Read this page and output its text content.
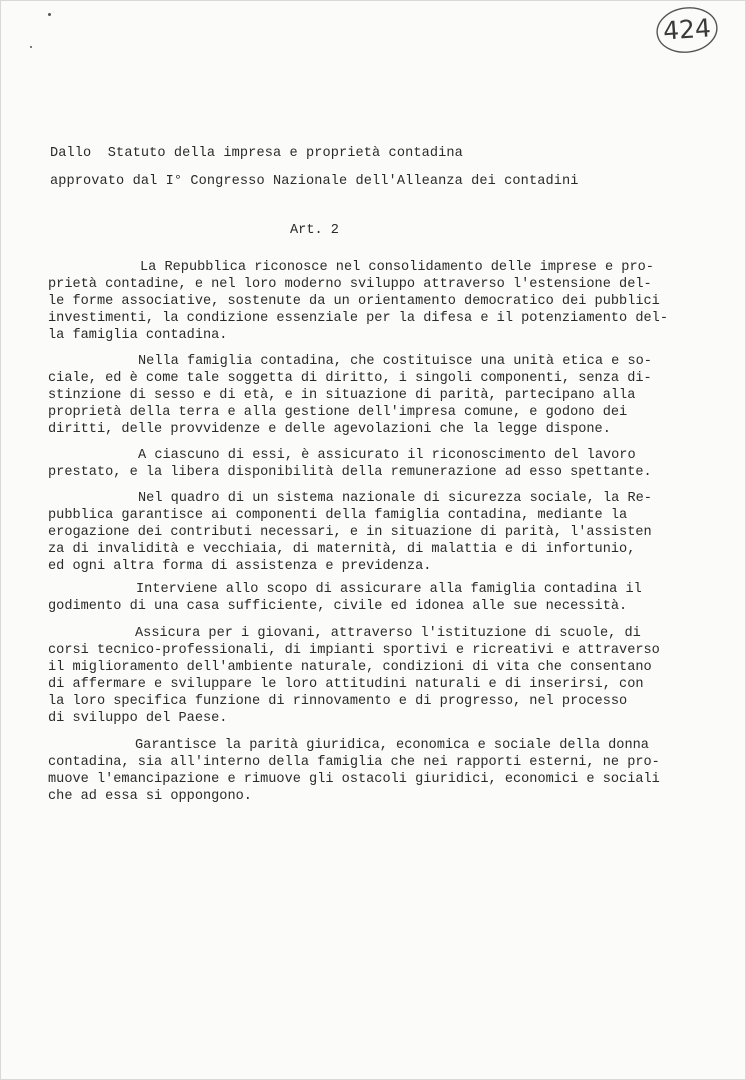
424
Dallo  Statuto della impresa e proprietà contadina
approvato dal I° Congresso Nazionale dell'Alleanza dei contadini
Art. 2
La Repubblica riconosce nel consolidamento delle imprese e pro-
prietà contadine, e nel loro moderno sviluppo attraverso l'estensione del-
le forme associative, sostenute da un orientamento democratico dei pubblici
investimenti, la condizione essenziale per la difesa e il potenziamento del-
la famiglia contadina.
Nella famiglia contadina, che costituisce una unità etica e so-
ciale, ed è come tale soggetta di diritto, i singoli componenti, senza di-
stinzione di sesso e di età, e in situazione di parità, partecipano alla
proprietà della terra e alla gestione dell'impresa comune, e godono dei
diritti, delle provvidenze e delle agevolazioni che la legge dispone.
A ciascuno di essi, è assicurato il riconoscimento del lavoro
prestato, e la libera disponibilità della remunerazione ad esso spettante.
Nel quadro di un sistema nazionale di sicurezza sociale, la Re-
pubblica garantisce ai componenti della famiglia contadina, mediante la
erogazione dei contributi necessari, e in situazione di parità, l'assisten
za di invalidità e vecchiaia, di maternità, di malattia e di infortunio,
ed ogni altra forma di assistenza e previdenza.
Interviene allo scopo di assicurare alla famiglia contadina il
godimento di una casa sufficiente, civile ed idonea alle sue necessità.
Assicura per i giovani, attraverso l'istituzione di scuole, di
corsi tecnico-professionali, di impianti sportivi e ricreativi e attraverso
il miglioramento dell'ambiente naturale, condizioni di vita che consentano
di affermare e sviluppare le loro attitudini naturali e di inserirsi, con
la loro specifica funzione di rinnovamento e di progresso, nel processo
di sviluppo del Paese.
Garantisce la parità giuridica, economica e sociale della donna
contadina, sia all'interno della famiglia che nei rapporti esterni, ne pro-
muove l'emancipazione e rimuove gli ostacoli giuridici, economici e sociali
che ad essa si oppongono.
